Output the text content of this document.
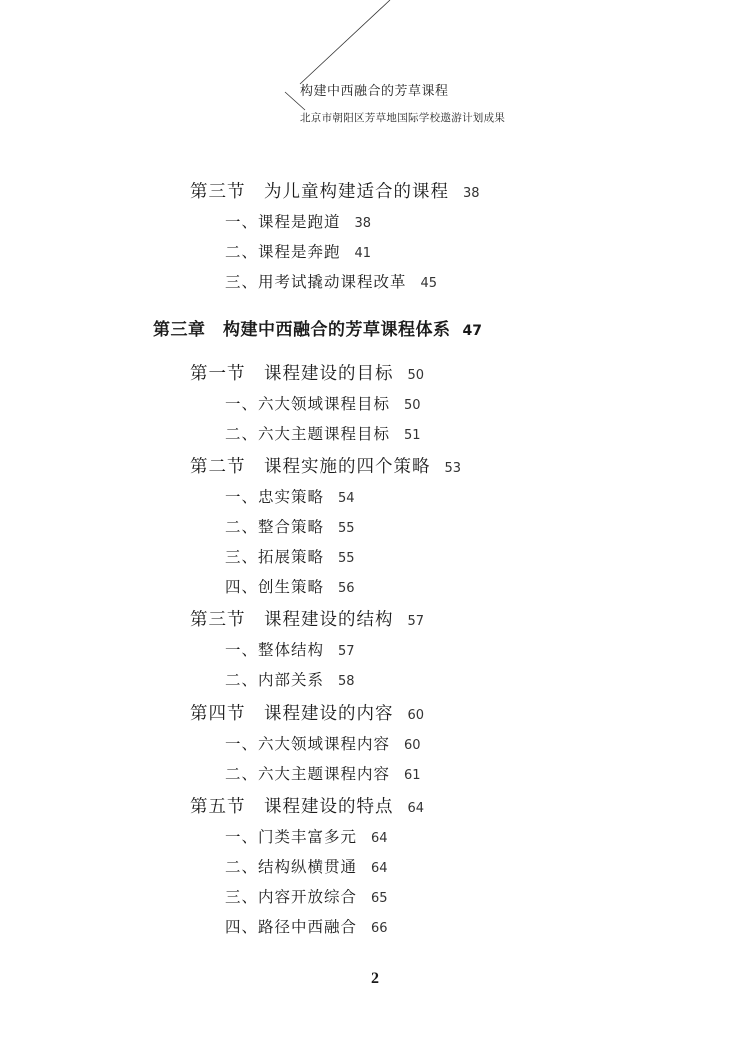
构建中西融合的芳草课程
北京市朝阳区芳草地国际学校遨游计划成果
第三节　为儿童构建适合的课程 38
一、课程是跑道 38
二、课程是奔跑 41
三、用考试撬动课程改革 45
第三章　构建中西融合的芳草课程体系 47
第一节　课程建设的目标 50
一、六大领域课程目标 50
二、六大主题课程目标 51
第二节　课程实施的四个策略 53
一、忠实策略 54
二、整合策略 55
三、拓展策略 55
四、创生策略 56
第三节　课程建设的结构 57
一、整体结构 57
二、内部关系 58
第四节　课程建设的内容 60
一、六大领域课程内容 60
二、六大主题课程内容 61
第五节　课程建设的特点 64
一、门类丰富多元 64
二、结构纵横贯通 64
三、内容开放综合 65
四、路径中西融合 66
2
